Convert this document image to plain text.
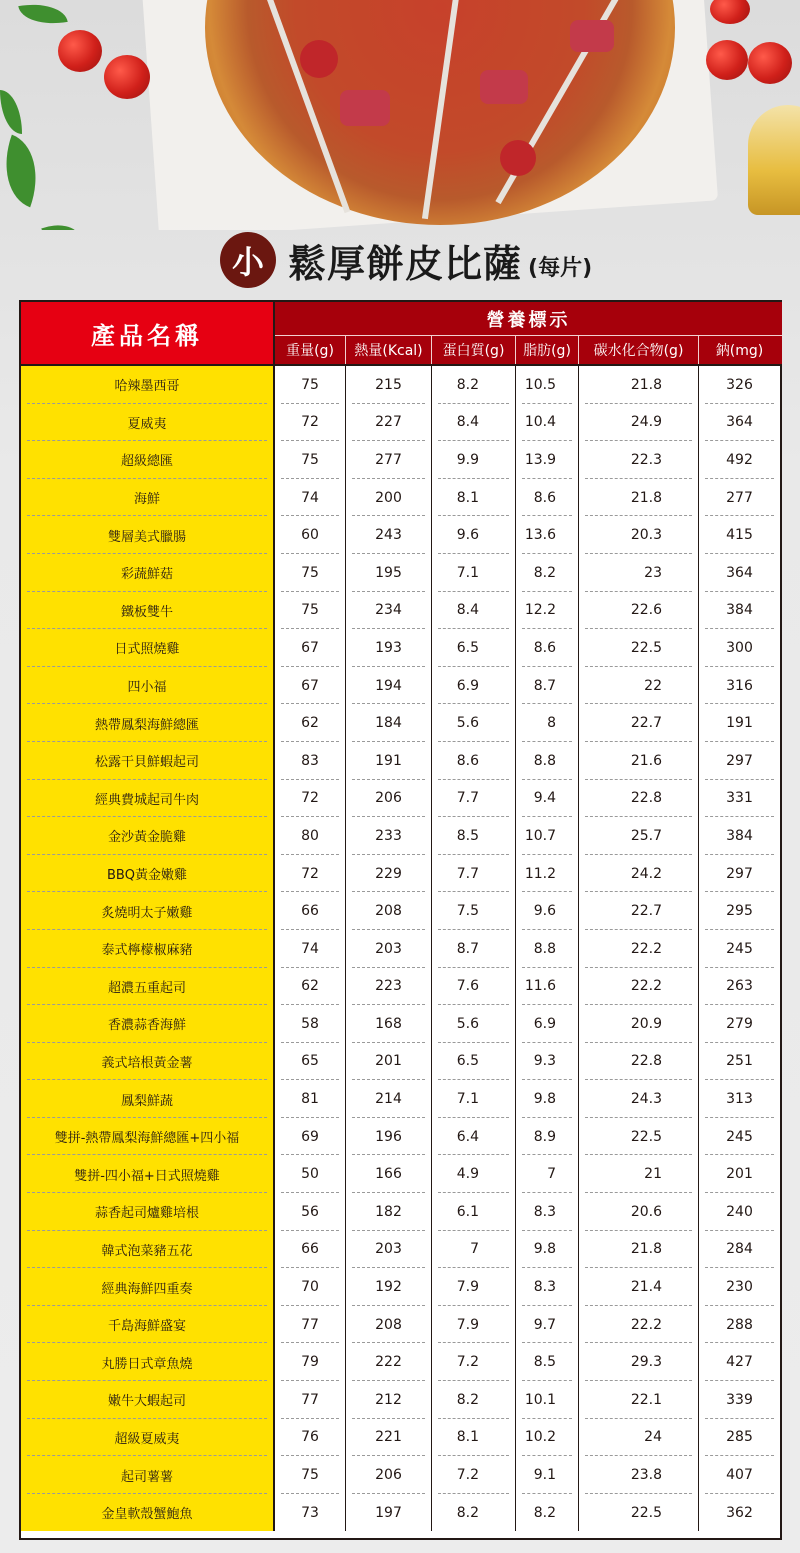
小 鬆厚餅皮比薩 (每片)
產品名稱
營養標示
重量(g)	熱量(Kcal)	蛋白質(g)	脂肪(g)	碳水化合物(g)	鈉(mg)
哈辣墨西哥	75	215	8.2	10.5	21.8	326
夏威夷	72	227	8.4	10.4	24.9	364
超級總匯	75	277	9.9	13.9	22.3	492
海鮮	74	200	8.1	8.6	21.8	277
雙層美式臘腸	60	243	9.6	13.6	20.3	415
彩蔬鮮菇	75	195	7.1	8.2	23	364
鐵板雙牛	75	234	8.4	12.2	22.6	384
日式照燒雞	67	193	6.5	8.6	22.5	300
四小福	67	194	6.9	8.7	22	316
熱帶鳳梨海鮮總匯	62	184	5.6	8	22.7	191
松露干貝鮮蝦起司	83	191	8.6	8.8	21.6	297
經典費城起司牛肉	72	206	7.7	9.4	22.8	331
金沙黃金脆雞	80	233	8.5	10.7	25.7	384
BBQ黃金嫩雞	72	229	7.7	11.2	24.2	297
炙燒明太子嫩雞	66	208	7.5	9.6	22.7	295
泰式檸檬椒麻豬	74	203	8.7	8.8	22.2	245
超濃五重起司	62	223	7.6	11.6	22.2	263
香濃蒜香海鮮	58	168	5.6	6.9	20.9	279
義式培根黃金薯	65	201	6.5	9.3	22.8	251
鳳梨鮮蔬	81	214	7.1	9.8	24.3	313
雙拼-熱帶鳳梨海鮮總匯+四小福	69	196	6.4	8.9	22.5	245
雙拼-四小福+日式照燒雞	50	166	4.9	7	21	201
蒜香起司爐雞培根	56	182	6.1	8.3	20.6	240
韓式泡菜豬五花	66	203	7	9.8	21.8	284
經典海鮮四重奏	70	192	7.9	8.3	21.4	230
千島海鮮盛宴	77	208	7.9	9.7	22.2	288
丸勝日式章魚燒	79	222	7.2	8.5	29.3	427
嫩牛大蝦起司	77	212	8.2	10.1	22.1	339
超級夏威夷	76	221	8.1	10.2	24	285
起司薯薯	75	206	7.2	9.1	23.8	407
金皇軟殼蟹鮑魚	73	197	8.2	8.2	22.5	362
